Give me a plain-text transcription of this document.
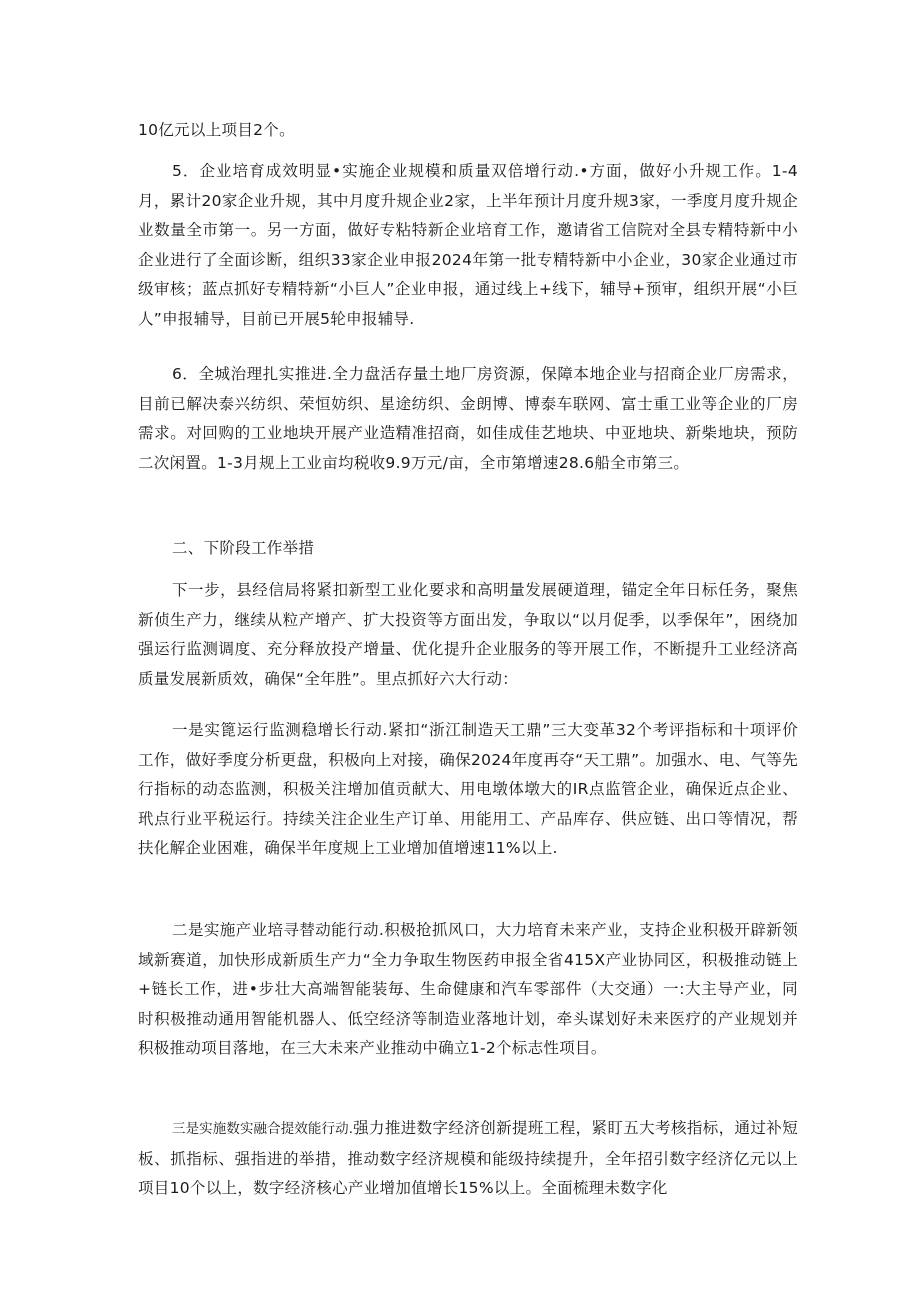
10亿元以上项目2个。

5．企业培育成效明显•实施企业规模和质量双倍增行动.•方面，做好小升规工作。1-4月，累计20家企业升规，其中月度升规企业2家，上半年预计月度升规3家，一季度月度升规企业数量全市第一。另一方面，做好专粘特新企业培育工作，邀请省工信院对全县专精特新中小企业进行了全面诊断，组织33家企业申报2024年第一批专精特新中小企业，30家企业通过市级审核；蓝点抓好专精特新“小巨人”企业申报，通过线上+线下，辅导+预审，组织开展“小巨人”申报辅导，目前已开展5轮申报辅导.

6．全城治理扎实推进.全力盘活存量土地厂房资源，保障本地企业与招商企业厂房需求，目前已解决泰兴纺织、荣恒妨织、星途纺织、金朗博、博泰车联网、富士重工业等企业的厂房需求。对回购的工业地块开展产业造精准招商，如佳成佳艺地块、中亚地块、新柴地块，预防二次闲置。1-3月规上工业亩均税收9.9万元/亩，全市第增速28.6船全市第三。

二、下阶段工作举措

下一步，县经信局将紧扣新型工业化要求和高明量发展硬道理，锚定全年日标任务，聚焦新侦生产力，继续从粒产增产、扩大投资等方面出发，争取以“以月促季，以季保年”，困绕加强运行监测调度、充分释放投产增量、优化提升企业服务的等开展工作，不断提升工业经济高质量发展新质效，确保“全年胜”。里点抓好六大行动：

一是实篦运行监测稳增长行动.紧扣“浙江制造天工鼎”三大变革32个考评指标和十项评价工作，做好季度分析更盘，积极向上对接，确保2024年度再夺“天工鼎”。加强水、电、气等先行指标的动态监测，积极关注增加值贡献大、用电墩体墩大的IR点监管企业，确保近点企业、玳点行业平税运行。持续关注企业生产订单、用能用工、产品库存、供应链、出口等情况，帮扶化解企业困难，确保半年度规上工业增加值增速11%以上.

二是实施产业培寻替动能行动.积极抢抓风口，大力培育未来产业，支持企业积极开辟新领域新赛道，加快形成新质生产力“全力争取生物医药申报全省415X产业协同区，积极推动链上+链长工作，进•步壮大高端智能装毎、生命健康和汽车零部件（大交通）一:大主导产业，同时积极推动通用智能机器人、低空经济等制造业落地计划，牵头谋划好未来医疗的产业规划并积极推动项目落地，在三大未来产业推动中确立1-2个标志性项目。

三是实施数实融合提效能行动.强力推进数字经济创新提班工程，紧盯五大考核指标，通过补短板、抓指标、强指进的举措，推动数字经济规模和能级持续提升，全年招引数字经济亿元以上项目10个以上，数字经济核心产业增加值增长15%以上。全面梳理未数字化
